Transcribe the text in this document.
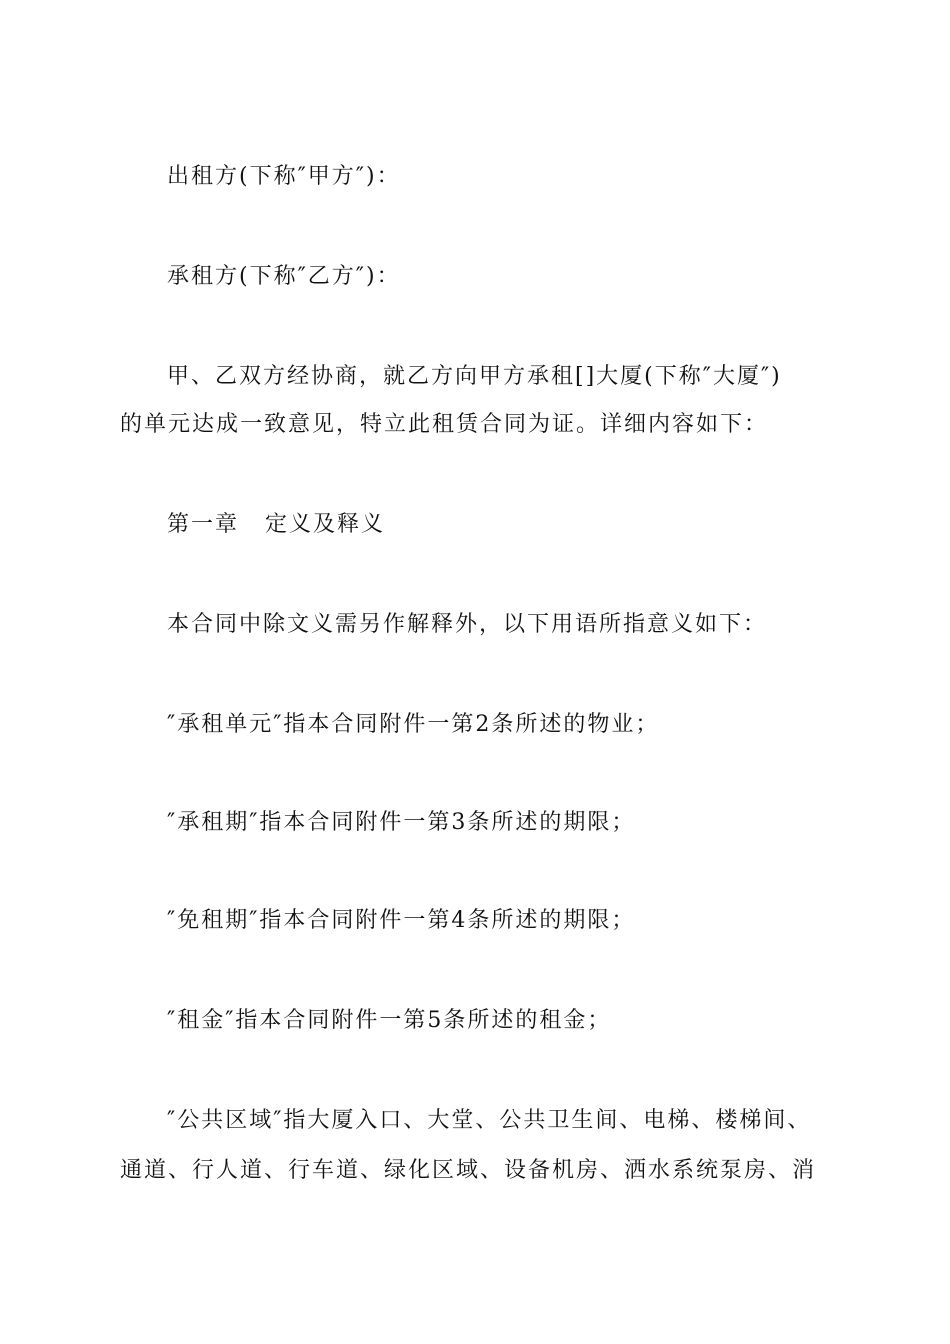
出租方(下称″甲方″)：
承租方(下称″乙方″)：
甲、乙双方经协商，就乙方向甲方承租[]大厦(下称″大厦″)
的单元达成一致意见，特立此租赁合同为证。详细内容如下：
第一章 定义及释义
本合同中除文义需另作解释外，以下用语所指意义如下：
″承租单元″指本合同附件一第2条所述的物业；
″承租期″指本合同附件一第3条所述的期限；
″免租期″指本合同附件一第4条所述的期限；
″租金″指本合同附件一第5条所述的租金；
″公共区域″指大厦入口、大堂、公共卫生间、电梯、楼梯间、
通道、行人道、行车道、绿化区域、设备机房、洒水系统泵房、消
